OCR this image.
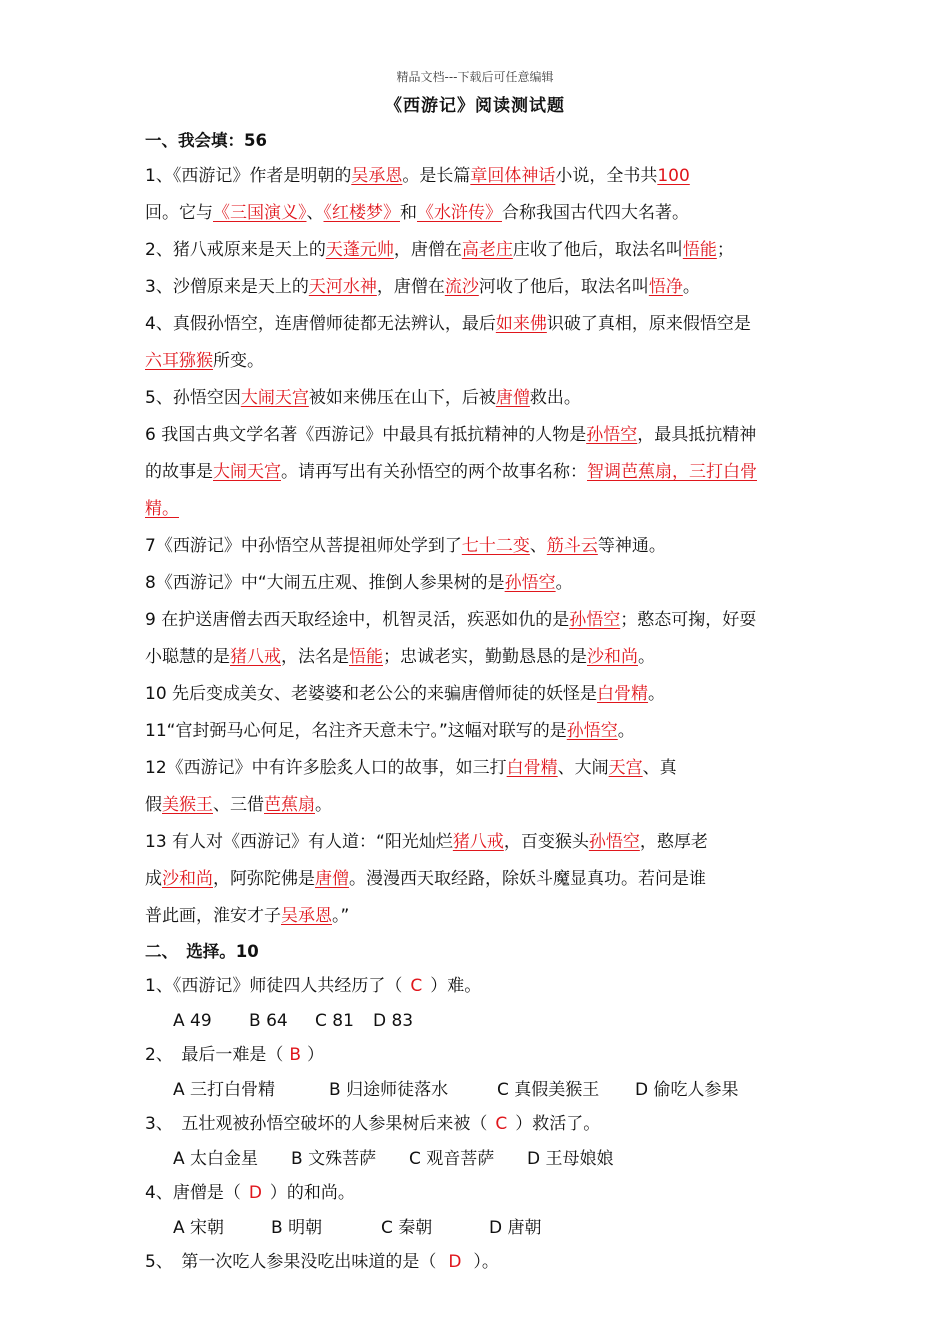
精品文档---下载后可任意编辑
《西游记》阅读测试题
一、我会填：56
1、《西游记》作者是明朝的吴承恩。是长篇章回体神话小说，全书共100
回。它与《三国演义》、《红楼梦》和《水浒传》合称我国古代四大名著。
2、猪八戒原来是天上的天蓬元帅，唐僧在高老庄庄收了他后，取法名叫悟能；
3、沙僧原来是天上的天河水神，唐僧在流沙河收了他后，取法名叫悟净。
4、真假孙悟空，连唐僧师徒都无法辨认，最后如来佛识破了真相，原来假悟空是
六耳猕猴所变。
5、孙悟空因大闹天宫被如来佛压在山下，后被唐僧救出。
6 我国古典文学名著《西游记》中最具有抵抗精神的人物是孙悟空，最具抵抗精神
的故事是大闹天宫。请再写出有关孙悟空的两个故事名称：智调芭蕉扇，三打白骨
精。
7《西游记》中孙悟空从菩提祖师处学到了七十二变、筋斗云等神通。
8《西游记》中“大闹五庄观、推倒人参果树的是孙悟空。
9 在护送唐僧去西天取经途中，机智灵活，疾恶如仇的是孙悟空；憨态可掬，好耍
小聪慧的是猪八戒，法名是悟能；忠诚老实，勤勤恳恳的是沙和尚。
10 先后变成美女、老婆婆和老公公的来骗唐僧师徒的妖怪是白骨精。
11“官封弼马心何足，名注齐天意未宁。”这幅对联写的是孙悟空。
12《西游记》中有许多脍炙人口的故事，如三打白骨精、大闹天宫、真
假美猴王、三借芭蕉扇。
13 有人对《西游记》有人道：“阳光灿烂猪八戒，百变猴头孙悟空，憨厚老
成沙和尚，阿弥陀佛是唐僧。漫漫西天取经路，除妖斗魔显真功。若问是谁
普此画，淮安才子吴承恩。”
二、　选择。10
1、《西游记》师徒四人共经历了（ C ）难。
A 49 B 64 C 81 D 83
2、　最后一难是（ B ）
A 三打白骨精	B 归途师徒落水	C 真假美猴王 D 偷吃人参果
3、　五壮观被孙悟空破坏的人参果树后来被（ C ）救活了。
A 太白金星 B 文殊菩萨 C 观音菩萨 D 王母娘娘
4、唐僧是（ D ）的和尚。
A 宋朝	B 明朝	C 秦朝	D 唐朝
5、　第一次吃人参果没吃出味道的是（ D ）。
